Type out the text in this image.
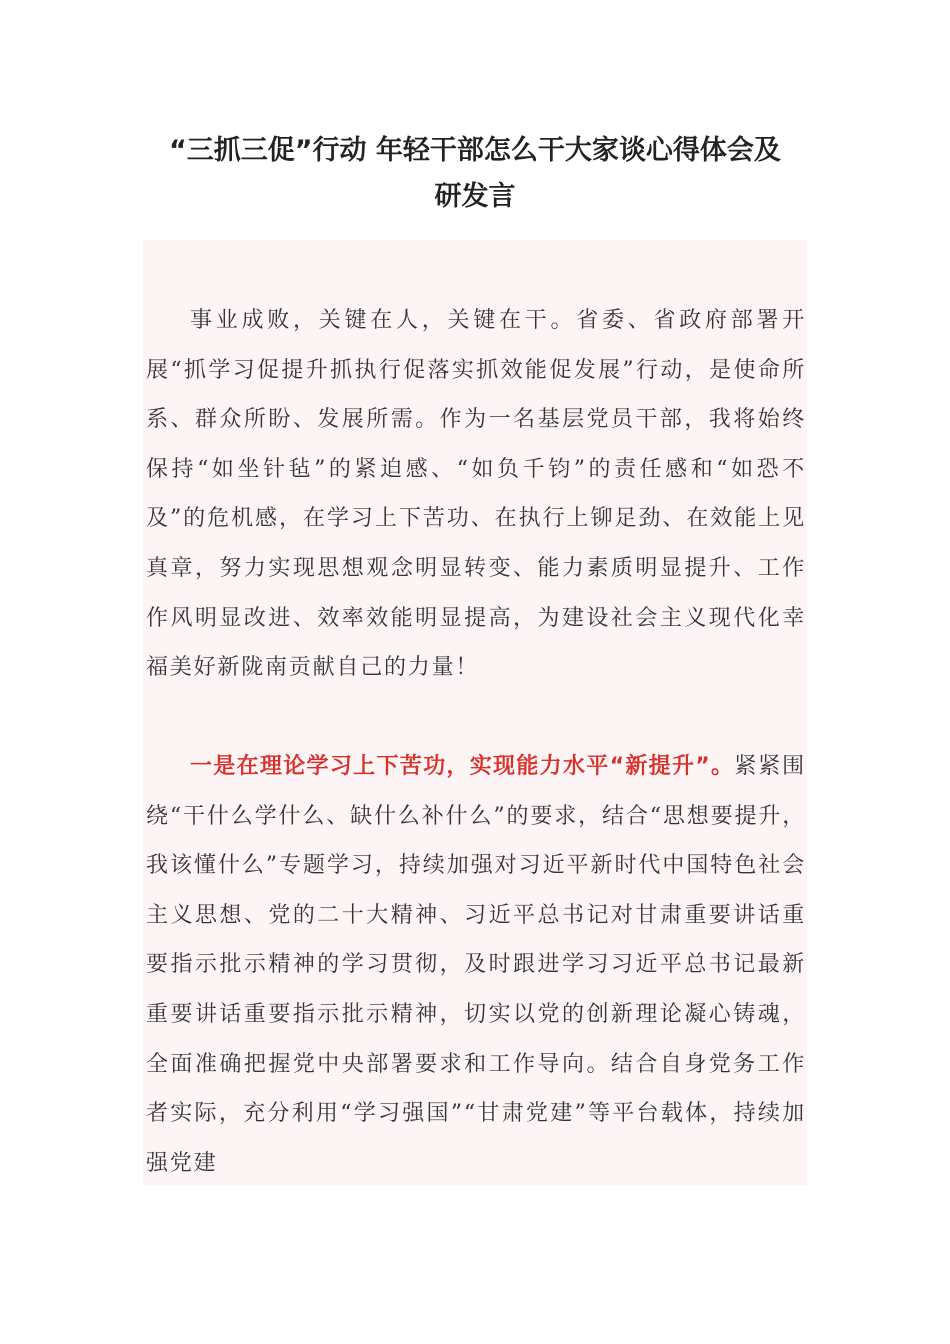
“三抓三促”行动 年轻干部怎么干大家谈心得体会及
研发言

事业成败，关键在人，关键在干。省委、省政府部署开展“抓学习促提升抓执行促落实抓效能促发展”行动，是使命所系、群众所盼、发展所需。作为一名基层党员干部，我将始终保持“如坐针毡”的紧迫感、“如负千钧”的责任感和“如恐不及”的危机感，在学习上下苦功、在执行上铆足劲、在效能上见真章，努力实现思想观念明显转变、能力素质明显提升、工作作风明显改进、效率效能明显提高，为建设社会主义现代化幸福美好新陇南贡献自己的力量！

一是在理论学习上下苦功，实现能力水平“新提升”。紧紧围绕“干什么学什么、缺什么补什么”的要求，结合“思想要提升，我该懂什么”专题学习，持续加强对习近平新时代中国特色社会主义思想、党的二十大精神、习近平总书记对甘肃重要讲话重要指示批示精神的学习贯彻，及时跟进学习习近平总书记最新重要讲话重要指示批示精神，切实以党的创新理论凝心铸魂，全面准确把握党中央部署要求和工作导向。结合自身党务工作者实际，充分利用“学习强国”“甘肃党建”等平台载体，持续加强党建
